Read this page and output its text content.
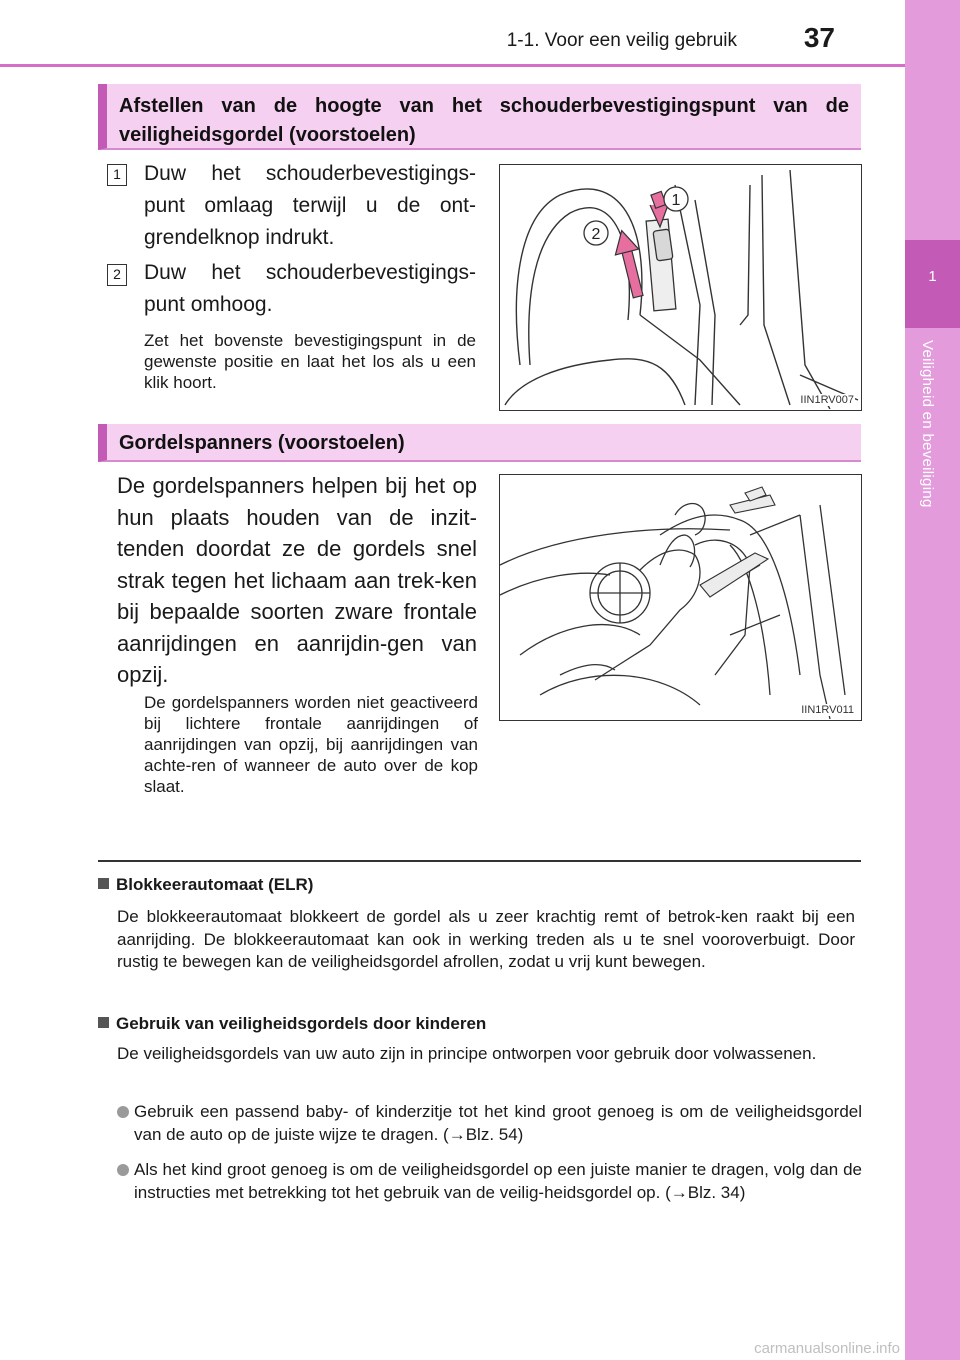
1-1. Voor een veilig gebruik 37
1
Veiligheid en beveiliging
Afstellen van de hoogte van het schouderbevestigingspunt van de veiligheidsgordel (voorstoelen)
1 Duw het schouderbevestigings-punt omlaag terwijl u de ont-grendelknop indrukt.
2 Duw het schouderbevestigings-punt omhoog.
Zet het bovenste bevestigingspunt in de gewenste positie en laat het los als u een klik hoort.
1
2
IIN1RV007
Gordelspanners (voorstoelen)
De gordelspanners helpen bij het op hun plaats houden van de inzit-tenden doordat ze de gordels snel strak tegen het lichaam aan trek-ken bij bepaalde soorten zware frontale aanrijdingen en aanrijdin-gen van opzij.
De gordelspanners worden niet geactiveerd bij lichtere frontale aanrijdingen of aanrijdingen van opzij, bij aanrijdingen van achte-ren of wanneer de auto over de kop slaat.
IIN1RV011
Blokkeerautomaat (ELR)
De blokkeerautomaat blokkeert de gordel als u zeer krachtig remt of betrok-ken raakt bij een aanrijding. De blokkeerautomaat kan ook in werking treden als u te snel vooroverbuigt. Door rustig te bewegen kan de veiligheidsgordel afrollen, zodat u vrij kunt bewegen.
Gebruik van veiligheidsgordels door kinderen
De veiligheidsgordels van uw auto zijn in principe ontworpen voor gebruik door volwassenen.
Gebruik een passend baby- of kinderzitje tot het kind groot genoeg is om de veiligheidsgordel van de auto op de juiste wijze te dragen. (→Blz. 54)
Als het kind groot genoeg is om de veiligheidsgordel op een juiste manier te dragen, volg dan de instructies met betrekking tot het gebruik van de veilig-heidsgordel op. (→Blz. 34)
carmanualsonline.info
